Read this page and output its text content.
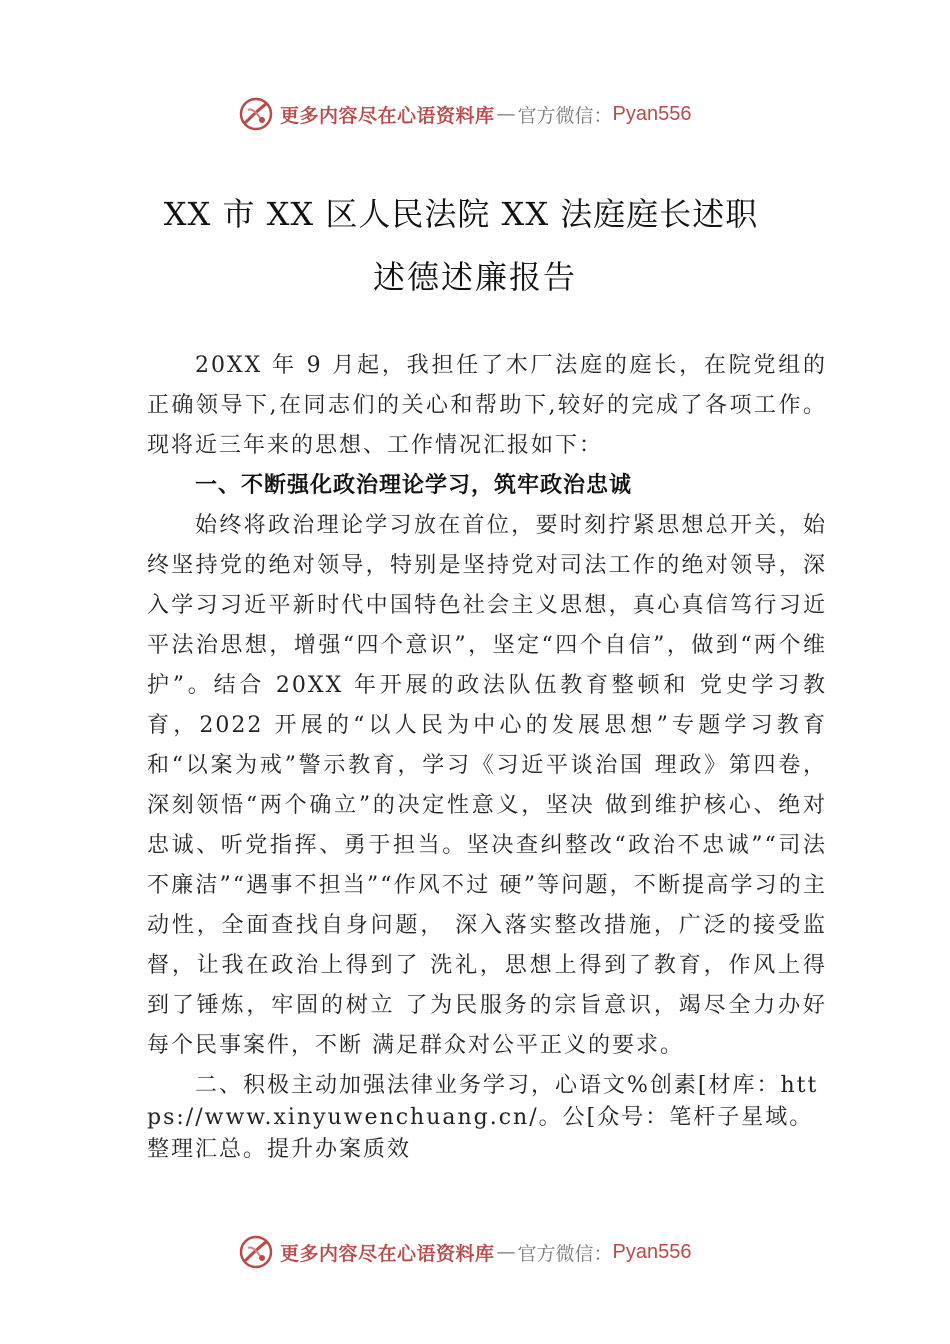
更多内容尽在心语资料库 — 官方微信： Pyan556
XX 市 XX 区人民法院 XX 法庭庭长述职
述德述廉报告

20XX 年 9 月起，我担任了木厂法庭的庭长，在院党组的正确领导下,在同志们的关心和帮助下,较好的完成了各项工作。现将近三年来的思想、工作情况汇报如下：

一、不断强化政治理论学习，筑牢政治忠诚

始终将政治理论学习放在首位，要时刻拧紧思想总开关，始终坚持党的绝对领导，特别是坚持党对司法工作的绝对领导，深入学习习近平新时代中国特色社会主义思想，真心真信笃行习近平法治思想，增强“四个意识”，坚定“四个自信”，做到“两个维护”。结合 20XX 年开展的政法队伍教育整顿和 党史学习教育，2022 开展的“以人民为中心的发展思想”专题学习教育和“以案为戒”警示教育，学习《习近平谈治国 理政》第四卷，深刻领悟“两个确立”的决定性意义，坚决 做到维护核心、绝对忠诚、听党指挥、勇于担当。坚决查纠整改“政治不忠诚”“司法不廉洁”“遇事不担当”“作风不过 硬”等问题，不断提高学习的主动性，全面查找自身问题， 深入落实整改措施，广泛的接受监督，让我在政治上得到了 洗礼，思想上得到了教育，作风上得到了锤炼，牢固的树立 了为民服务的宗旨意识，竭尽全力办好每个民事案件，不断 满足群众对公平正义的要求。

二、积极主动加强法律业务学习，心语文%创素[材库：https://www.xinyuwenchuang.cn/。公[众号：笔杆子星域。整理汇总。提升办案质效

更多内容尽在心语资料库 — 官方微信： Pyan556
